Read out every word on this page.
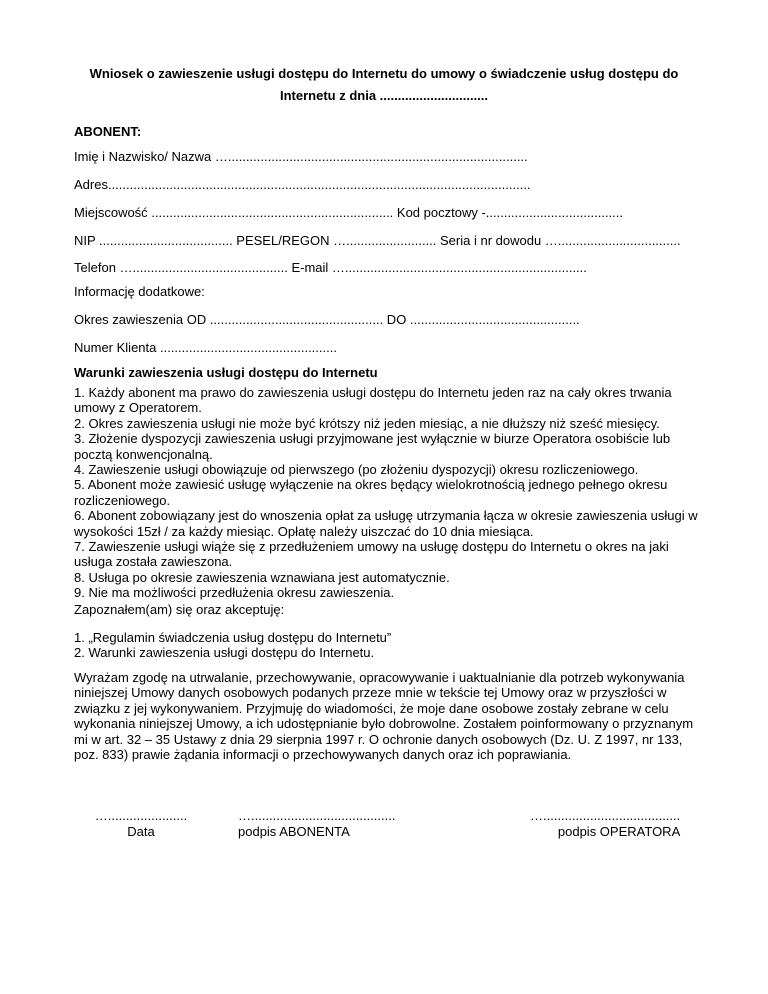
Wniosek o zawieszenie usługi dostępu do Internetu do umowy o świadczenie usług dostępu do
Internetu z dnia ..............................
ABONENT:
Imię i Nazwisko/ Nazwa …...................................................................................
Adres.....................................................................................................................
Miejscowość ................................................................... Kod pocztowy -......................................
NIP ..................................... PESEL/REGON …......................... Seria i nr dowodu …..................................
Telefon …........................................... E-mail …...................................................................
Informację dodatkowe:
Okres zawieszenia OD ................................................ DO ...............................................
Numer Klienta .................................................
Warunki zawieszenia usługi dostępu do Internetu
1. Każdy abonent ma prawo do zawieszenia usługi dostępu do Internetu jeden raz na cały okres trwania
umowy z Operatorem.
2. Okres zawieszenia usługi nie może być krótszy niż jeden miesiąc, a nie dłuższy niż sześć miesięcy.
3. Złożenie dyspozycji zawieszenia usługi przyjmowane jest wyłącznie w biurze Operatora osobiście lub
pocztą konwencjonalną.
4. Zawieszenie usługi obowiązuje od pierwszego (po złożeniu dyspozycji) okresu rozliczeniowego.
5. Abonent może zawiesić usługę wyłączenie na okres będący wielokrotnością jednego pełnego okresu
rozliczeniowego.
6. Abonent zobowiązany jest do wnoszenia opłat za usługę utrzymania łącza w okresie zawieszenia usługi w
wysokości 15zł / za każdy miesiąc. Opłatę należy uiszczać do 10 dnia miesiąca.
7. Zawieszenie usługi wiąże się z przedłużeniem umowy na usługę dostępu do Internetu o okres na jaki
usługa została zawieszona.
8. Usługa po okresie zawieszenia wznawiana jest automatycznie.
9. Nie ma możliwości przedłużenia okresu zawieszenia.
Zapoznałem(am) się oraz akceptuję:
1. „Regulamin świadczenia usług dostępu do Internetu”
2. Warunki zawieszenia usługi dostępu do Internetu.
Wyrażam zgodę na utrwalanie, przechowywanie, opracowywanie i uaktualnianie dla potrzeb wykonywania
niniejszej Umowy danych osobowych podanych przeze mnie w tekście tej Umowy oraz w przyszłości w
związku z jej wykonywaniem. Przyjmuję do wiadomości, że moje dane osobowe zostały zebrane w celu
wykonania niniejszej Umowy, a ich udostępnianie było dobrowolne. Zostałem poinformowany o przyznanym
mi w art. 32 – 35 Ustawy z dnia 29 sierpnia 1997 r. O ochronie danych osobowych (Dz. U. Z 1997, nr 133,
poz. 833) prawie żądania informacji o przechowywanych danych oraz ich poprawiania.
…......................
Data
…........................................
podpis ABONENTA
…......................................
podpis OPERATORA
